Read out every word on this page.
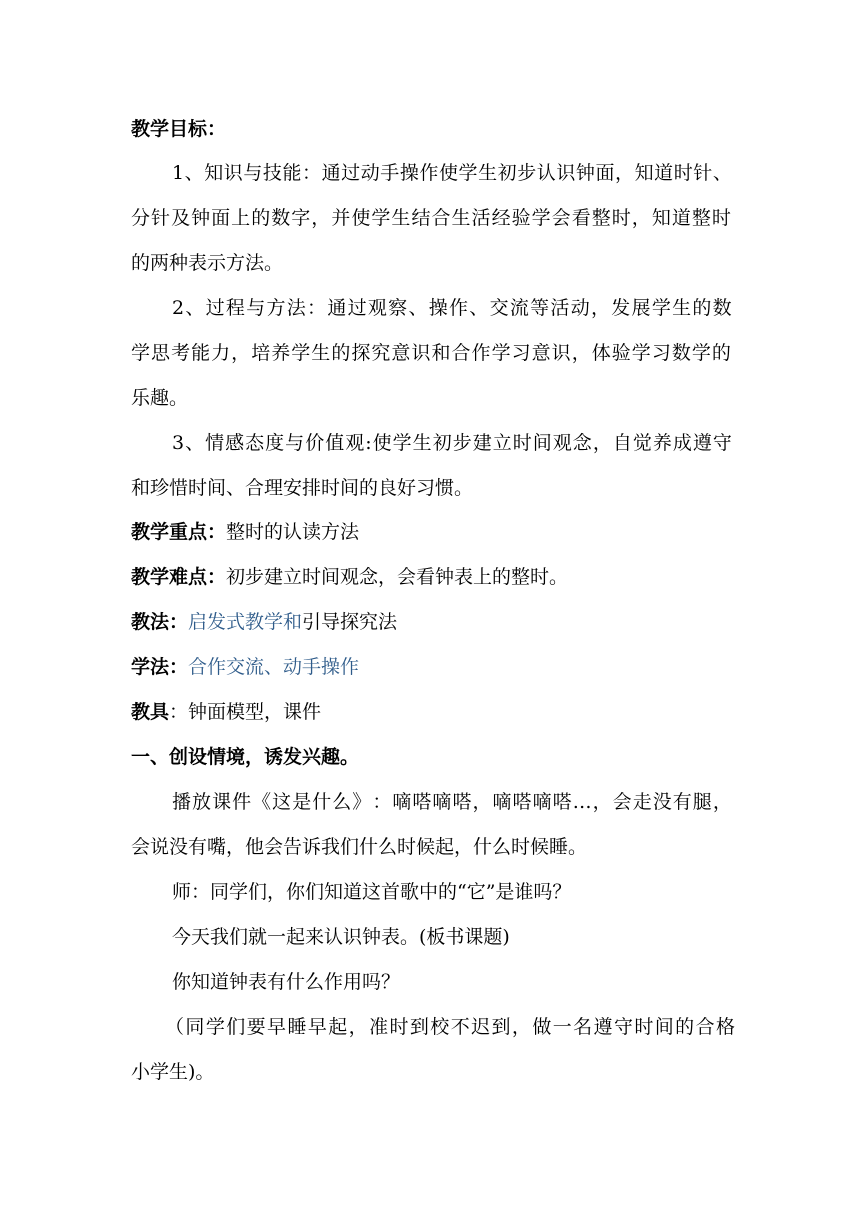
教学目标：
1 、 知 识 与 技 能 ： 通 过 动 手 操 作 使 学 生 初 步 认 识 钟 面 ， 知 道 时 针 、
分 针 及 钟 面 上 的 数 字 ， 并 使 学 生 结 合 生 活 经 验 学 会 看 整 时 ， 知 道 整 时
的两种表示方法。
2 、 过 程 与 方 法 ： 通 过 观 察 、 操 作 、 交 流 等 活 动 ， 发 展 学 生 的 数
学 思 考 能 力 ， 培 养 学 生 的 探 究 意 识 和 合 作 学 习 意 识 ， 体 验 学 习 数 学 的
乐趣。
3 、 情 感 态 度 与 价 值 观 : 使 学 生 初 步 建 立 时 间 观 念 ， 自 觉 养 成 遵 守
和珍惜时间、合理安排时间的良好习惯。
教学重点：整时的认读方法
教学难点：初步建立时间观念，会看钟表上的整时。
教法：启发式教学和引导探究法
学法：合作交流、动手操作
教具：钟面模型，课件
一、创设情境，诱发兴趣。
播 放 课 件 《 这 是 什 么 》 ： 嘀 嗒 嘀 嗒 ， 嘀 嗒 嘀 嗒 … ， 会 走 没 有 腿 ，
会说没有嘴，他会告诉我们什么时候起，什么时候睡。
师：同学们，你们知道这首歌中的“它”是谁吗？
今天我们就一起来认识钟表。(板书课题)
你知道钟表有什么作用吗？
（ 同 学 们 要 早 睡 早 起 ， 准 时 到 校 不 迟 到 ， 做 一 名 遵 守 时 间 的 合 格
小学生)。
